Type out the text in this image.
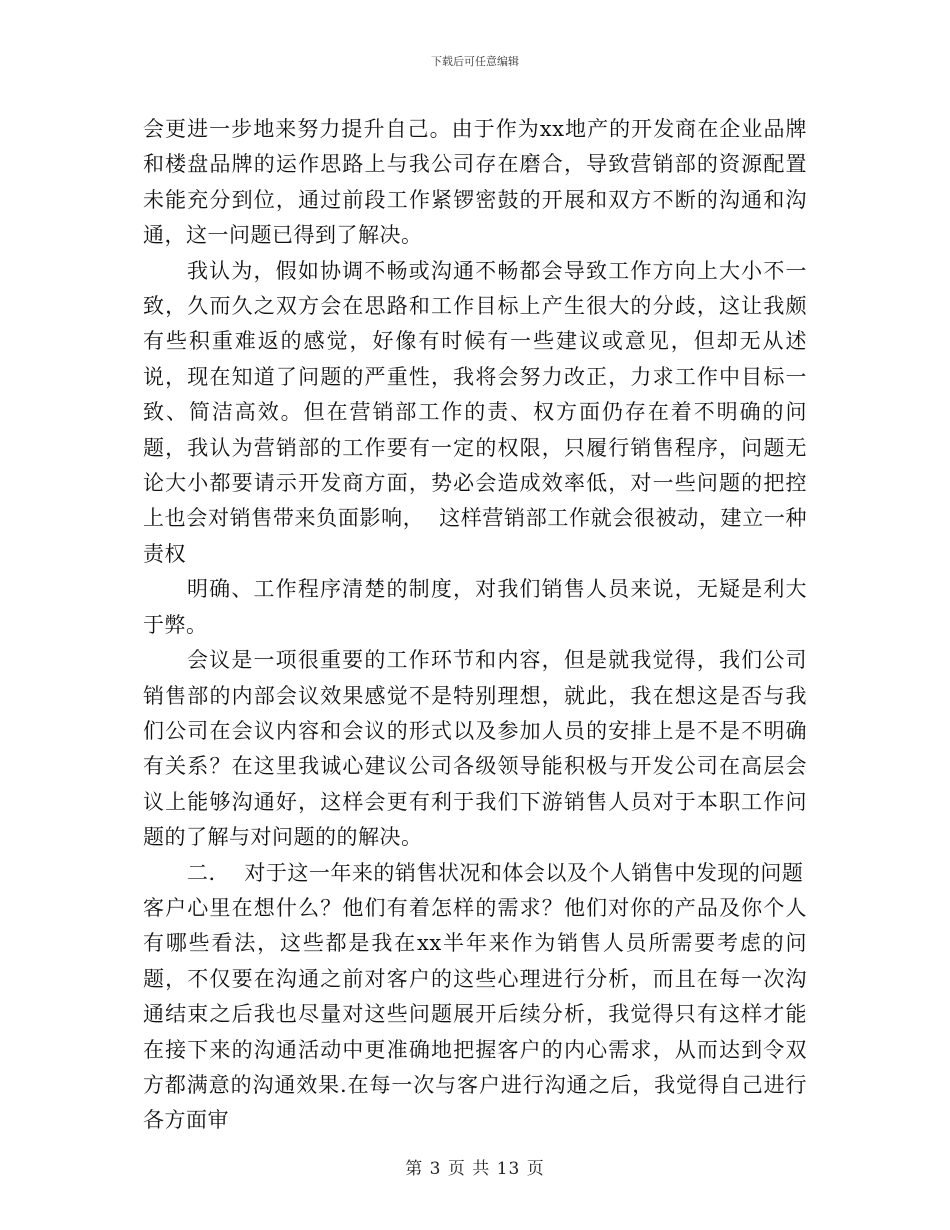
下载后可任意编辑

会更进一步地来努力提升自己。由于作为xx地产的开发商在企业品牌和楼盘品牌的运作思路上与我公司存在磨合，导致营销部的资源配置未能充分到位，通过前段工作紧锣密鼓的开展和双方不断的沟通和沟通，这一问题已得到了解决。

我认为，假如协调不畅或沟通不畅都会导致工作方向上大小不一致，久而久之双方会在思路和工作目标上产生很大的分歧，这让我颇有些积重难返的感觉，好像有时候有一些建议或意见，但却无从述说，现在知道了问题的严重性，我将会努力改正，力求工作中目标一致、简洁高效。但在营销部工作的责、权方面仍存在着不明确的问题，我认为营销部的工作要有一定的权限，只履行销售程序，问题无论大小都要请示开发商方面，势必会造成效率低，对一些问题的把控上也会对销售带来负面影响，  这样营销部工作就会很被动，建立一种责权

明确、工作程序清楚的制度，对我们销售人员来说，无疑是利大于弊。

会议是一项很重要的工作环节和内容，但是就我觉得，我们公司销售部的内部会议效果感觉不是特别理想，就此，我在想这是否与我们公司在会议内容和会议的形式以及参加人员的安排上是不是不明确有关系？在这里我诚心建议公司各级领导能积极与开发公司在高层会议上能够沟通好，这样会更有利于我们下游销售人员对于本职工作问题的了解与对问题的的解决。

二．  对于这一年来的销售状况和体会以及个人销售中发现的问题

客户心里在想什么？他们有着怎样的需求？他们对你的产品及你个人有哪些看法，这些都是我在xx半年来作为销售人员所需要考虑的问题，不仅要在沟通之前对客户的这些心理进行分析，而且在每一次沟通结束之后我也尽量对这些问题展开后续分析，我觉得只有这样才能在接下来的沟通活动中更准确地把握客户的内心需求，从而达到令双方都满意的沟通效果.在每一次与客户进行沟通之后，我觉得自己进行各方面审

第 3 页 共 13 页
